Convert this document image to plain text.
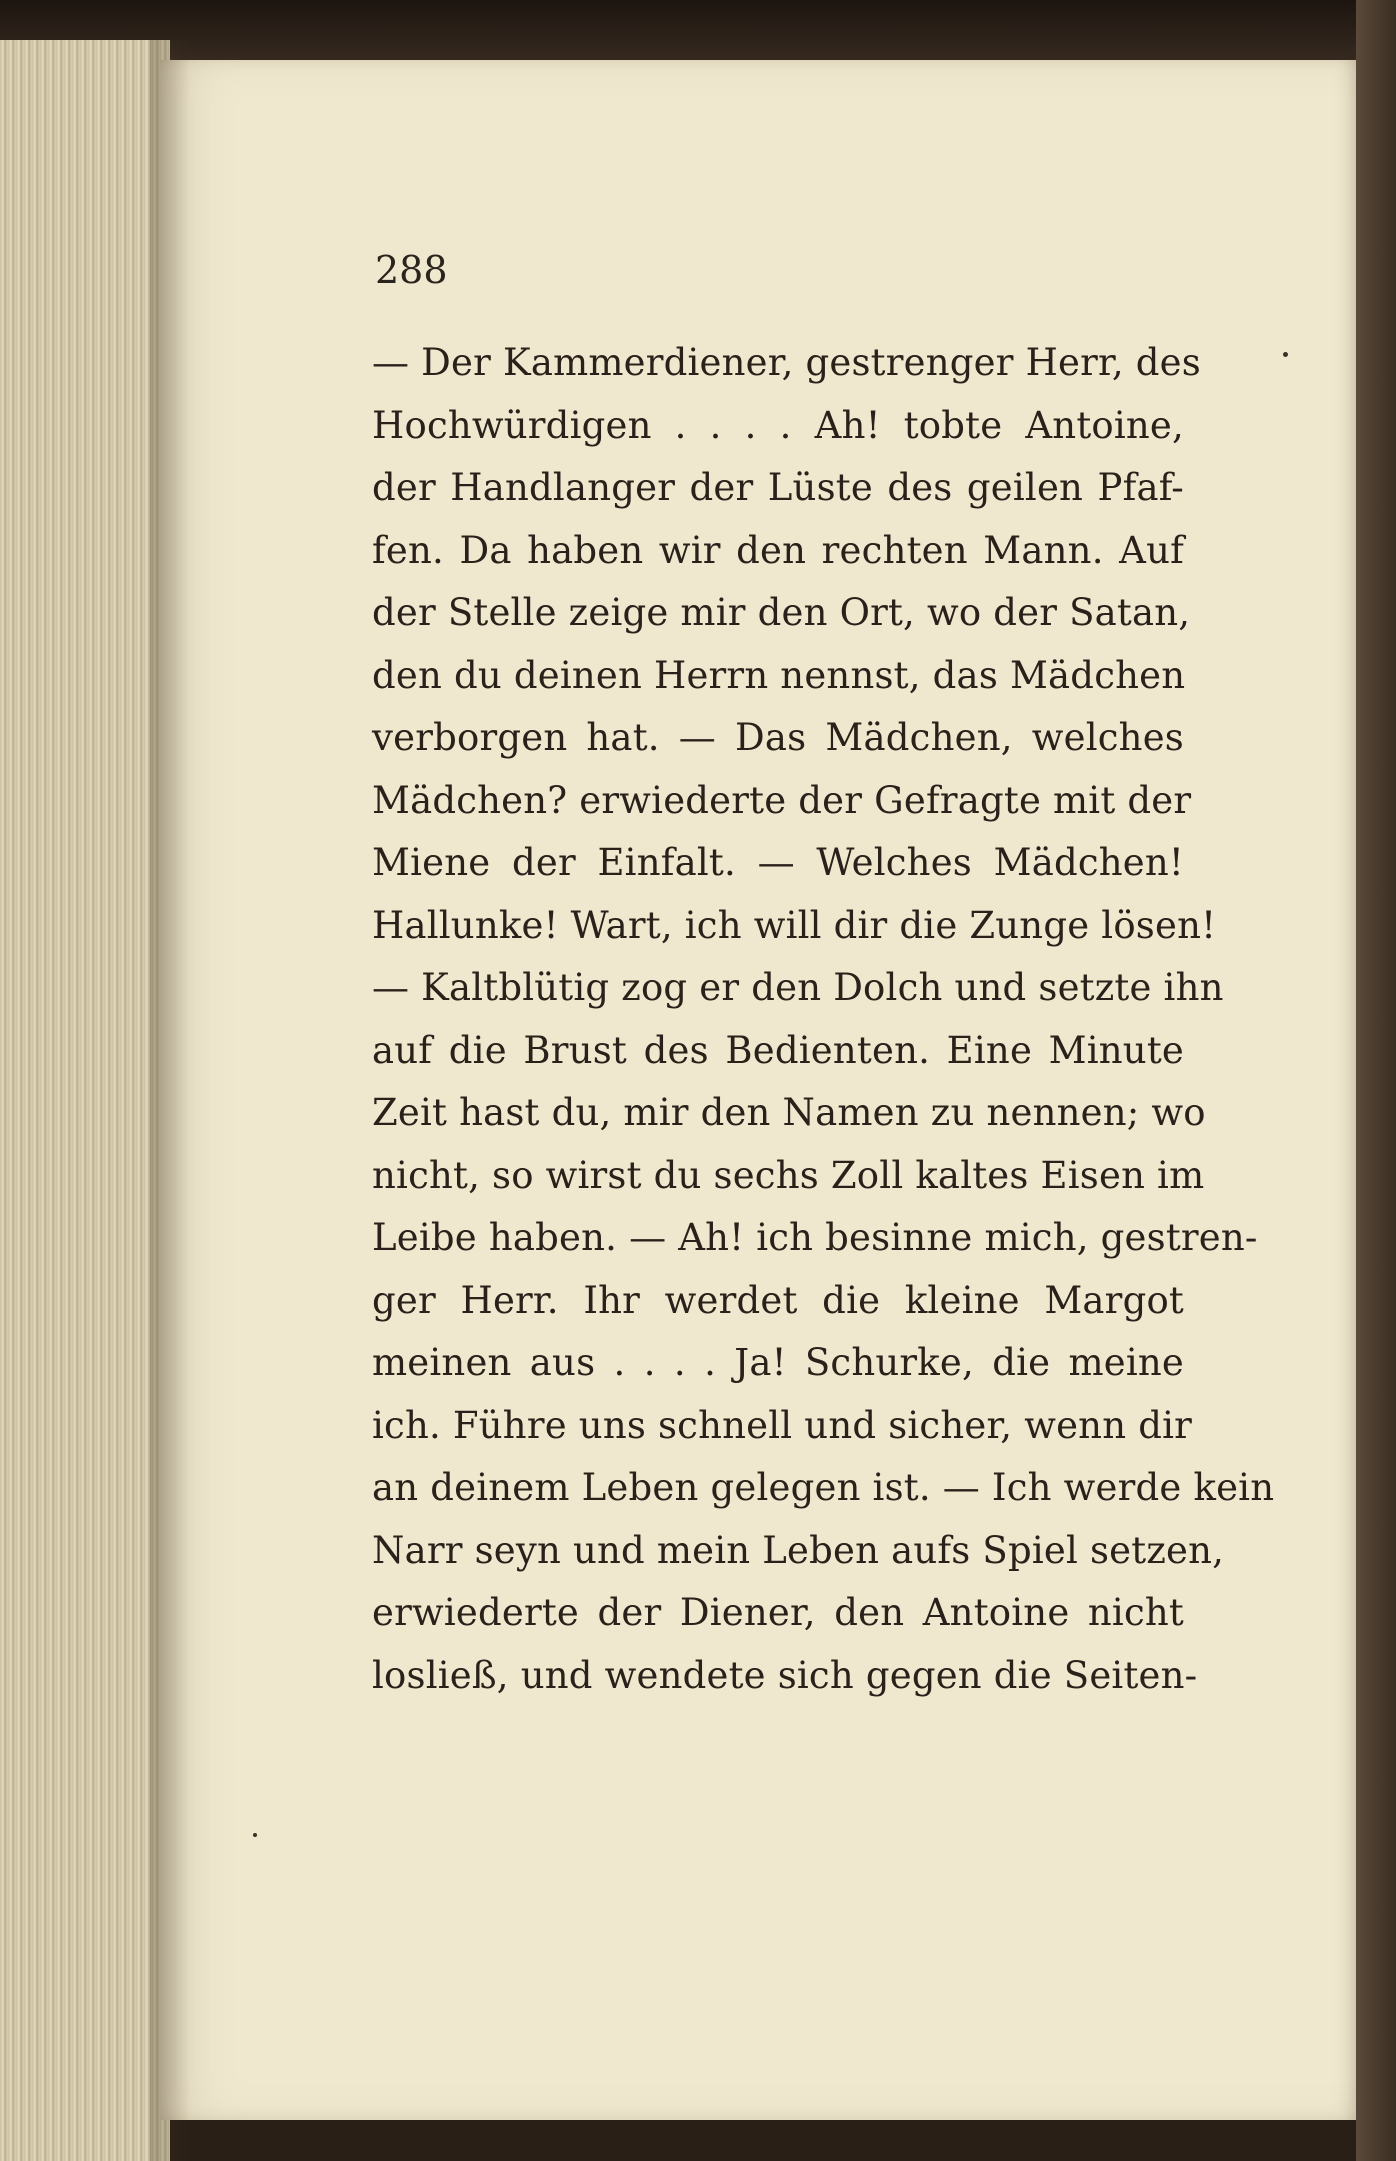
288

— Der Kammerdiener, gestrenger Herr, des
Hochwürdigen . . . . Ah! tobte Antoine,
der Handlanger der Lüste des geilen Pfaf-
fen. Da haben wir den rechten Mann. Auf
der Stelle zeige mir den Ort, wo der Satan,
den du deinen Herrn nennst, das Mädchen
verborgen hat. — Das Mädchen, welches
Mädchen? erwiederte der Gefragte mit der
Miene der Einfalt. — Welches Mädchen!
Hallunke! Wart, ich will dir die Zunge lösen!
— Kaltblütig zog er den Dolch und setzte ihn
auf die Brust des Bedienten. Eine Minute
Zeit hast du, mir den Namen zu nennen; wo
nicht, so wirst du sechs Zoll kaltes Eisen im
Leibe haben. — Ah! ich besinne mich, gestren-
ger Herr. Ihr werdet die kleine Margot
meinen aus . . . . Ja! Schurke, die meine
ich. Führe uns schnell und sicher, wenn dir
an deinem Leben gelegen ist. — Ich werde kein
Narr seyn und mein Leben aufs Spiel setzen,
erwiederte der Diener, den Antoine nicht
losließ, und wendete sich gegen die Seiten-
